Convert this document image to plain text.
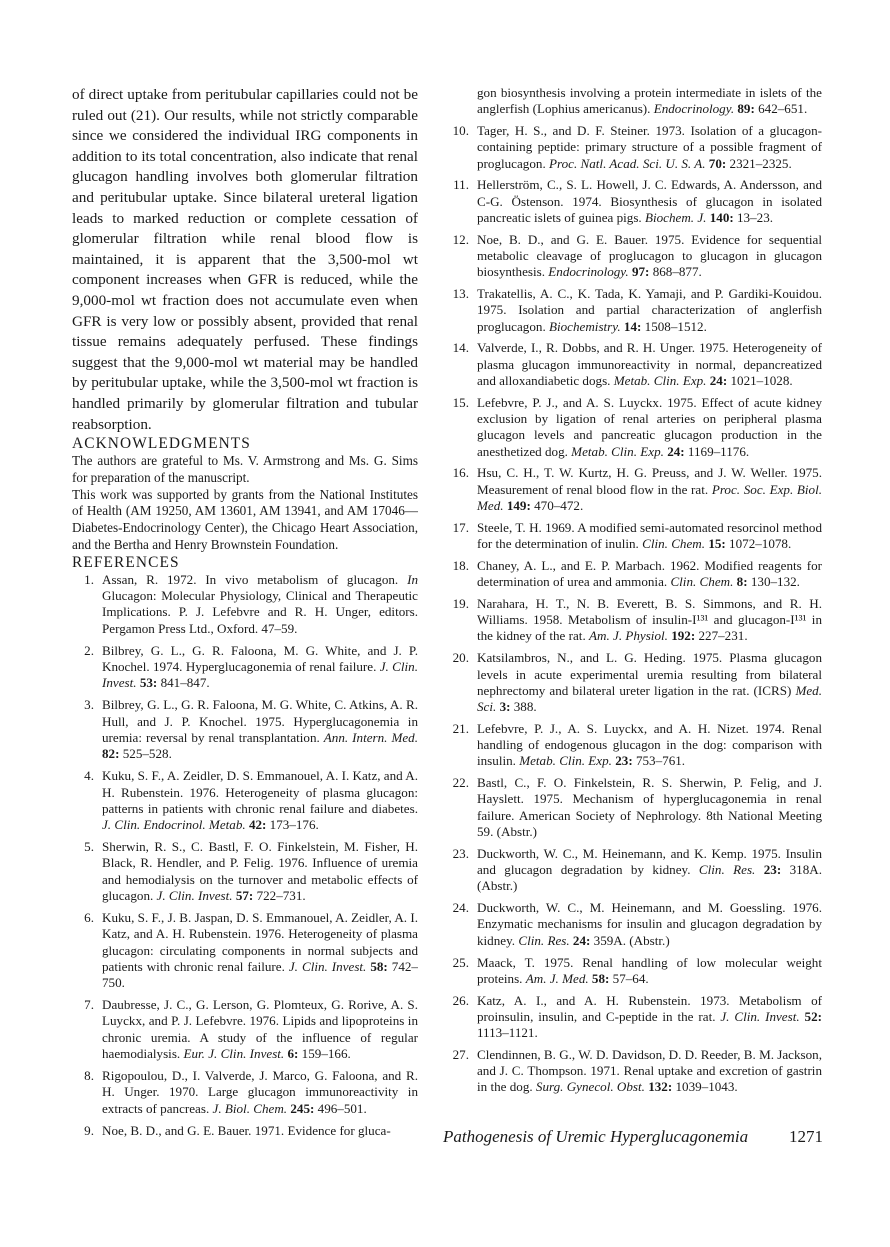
of direct uptake from peritubular capillaries could not be ruled out (21). Our results, while not strictly comparable since we considered the individual IRG components in addition to its total concentration, also indicate that renal glucagon handling involves both glomerular filtration and peritubular uptake. Since bilateral ureteral ligation leads to marked reduction or complete cessation of glomerular filtration while renal blood flow is maintained, it is apparent that the 3,500-mol wt component increases when GFR is reduced, while the 9,000-mol wt fraction does not accumulate even when GFR is very low or possibly absent, provided that renal tissue remains adequately perfused. These findings suggest that the 9,000-mol wt material may be handled by peritubular uptake, while the 3,500-mol wt fraction is handled primarily by glomerular filtration and tubular reabsorption.

ACKNOWLEDGMENTS

The authors are grateful to Ms. V. Armstrong and Ms. G. Sims for preparation of the manuscript.

This work was supported by grants from the National Institutes of Health (AM 19250, AM 13601, AM 13941, and AM 17046—Diabetes-Endocrinology Center), the Chicago Heart Association, and the Bertha and Henry Brownstein Foundation.

REFERENCES
1. Assan, R. 1972. In vivo metabolism of glucagon. In Glucagon: Molecular Physiology, Clinical and Therapeutic Implications. P. J. Lefebvre and R. H. Unger, editors. Pergamon Press Ltd., Oxford. 47–59.
2. Bilbrey, G. L., G. R. Faloona, M. G. White, and J. P. Knochel. 1974. Hyperglucagonemia of renal failure. J. Clin. Invest. 53: 841–847.
3. Bilbrey, G. L., G. R. Faloona, M. G. White, C. Atkins, A. R. Hull, and J. P. Knochel. 1975. Hyperglucagonemia in uremia: reversal by renal transplantation. Ann. Intern. Med. 82: 525–528.
4. Kuku, S. F., A. Zeidler, D. S. Emmanouel, A. I. Katz, and A. H. Rubenstein. 1976. Heterogeneity of plasma glucagon: patterns in patients with chronic renal failure and diabetes. J. Clin. Endocrinol. Metab. 42: 173–176.
5. Sherwin, R. S., C. Bastl, F. O. Finkelstein, M. Fisher, H. Black, R. Hendler, and P. Felig. 1976. Influence of uremia and hemodialysis on the turnover and metabolic effects of glucagon. J. Clin. Invest. 57: 722–731.
6. Kuku, S. F., J. B. Jaspan, D. S. Emmanouel, A. Zeidler, A. I. Katz, and A. H. Rubenstein. 1976. Heterogeneity of plasma glucagon: circulating components in normal subjects and patients with chronic renal failure. J. Clin. Invest. 58: 742–750.
7. Daubresse, J. C., G. Lerson, G. Plomteux, G. Rorive, A. S. Luyckx, and P. J. Lefebvre. 1976. Lipids and lipoproteins in chronic uremia. A study of the influence of regular haemodialysis. Eur. J. Clin. Invest. 6: 159–166.
8. Rigopoulou, D., I. Valverde, J. Marco, G. Faloona, and R. H. Unger. 1970. Large glucagon immunoreactivity in extracts of pancreas. J. Biol. Chem. 245: 496–501.
9. Noe, B. D., and G. E. Bauer. 1971. Evidence for gluca-
gon biosynthesis involving a protein intermediate in islets of the anglerfish (Lophius americanus). Endocrinology. 89: 642–651.
10. Tager, H. S., and D. F. Steiner. 1973. Isolation of a glucagon-containing peptide: primary structure of a possible fragment of proglucagon. Proc. Natl. Acad. Sci. U. S. A. 70: 2321–2325.
11. Hellerström, C., S. L. Howell, J. C. Edwards, A. Andersson, and C-G. Östenson. 1974. Biosynthesis of glucagon in isolated pancreatic islets of guinea pigs. Biochem. J. 140: 13–23.
12. Noe, B. D., and G. E. Bauer. 1975. Evidence for sequential metabolic cleavage of proglucagon to glucagon in glucagon biosynthesis. Endocrinology. 97: 868–877.
13. Trakatellis, A. C., K. Tada, K. Yamaji, and P. Gardiki-Kouidou. 1975. Isolation and partial characterization of anglerfish proglucagon. Biochemistry. 14: 1508–1512.
14. Valverde, I., R. Dobbs, and R. H. Unger. 1975. Heterogeneity of plasma glucagon immunoreactivity in normal, depancreatized and alloxandiabetic dogs. Metab. Clin. Exp. 24: 1021–1028.
15. Lefebvre, P. J., and A. S. Luyckx. 1975. Effect of acute kidney exclusion by ligation of renal arteries on peripheral plasma glucagon levels and pancreatic glucagon production in the anesthetized dog. Metab. Clin. Exp. 24: 1169–1176.
16. Hsu, C. H., T. W. Kurtz, H. G. Preuss, and J. W. Weller. 1975. Measurement of renal blood flow in the rat. Proc. Soc. Exp. Biol. Med. 149: 470–472.
17. Steele, T. H. 1969. A modified semi-automated resorcinol method for the determination of inulin. Clin. Chem. 15: 1072–1078.
18. Chaney, A. L., and E. P. Marbach. 1962. Modified reagents for determination of urea and ammonia. Clin. Chem. 8: 130–132.
19. Narahara, H. T., N. B. Everett, B. S. Simmons, and R. H. Williams. 1958. Metabolism of insulin-I¹³¹ and glucagon-I¹³¹ in the kidney of the rat. Am. J. Physiol. 192: 227–231.
20. Katsilambros, N., and L. G. Heding. 1975. Plasma glucagon levels in acute experimental uremia resulting from bilateral nephrectomy and bilateral ureter ligation in the rat. (ICRS) Med. Sci. 3: 388.
21. Lefebvre, P. J., A. S. Luyckx, and A. H. Nizet. 1974. Renal handling of endogenous glucagon in the dog: comparison with insulin. Metab. Clin. Exp. 23: 753–761.
22. Bastl, C., F. O. Finkelstein, R. S. Sherwin, P. Felig, and J. Hayslett. 1975. Mechanism of hyperglucagonemia in renal failure. American Society of Nephrology. 8th National Meeting 59. (Abstr.)
23. Duckworth, W. C., M. Heinemann, and K. Kemp. 1975. Insulin and glucagon degradation by kidney. Clin. Res. 23: 318A. (Abstr.)
24. Duckworth, W. C., M. Heinemann, and M. Goessling. 1976. Enzymatic mechanisms for insulin and glucagon degradation by kidney. Clin. Res. 24: 359A. (Abstr.)
25. Maack, T. 1975. Renal handling of low molecular weight proteins. Am. J. Med. 58: 57–64.
26. Katz, A. I., and A. H. Rubenstein. 1973. Metabolism of proinsulin, insulin, and C-peptide in the rat. J. Clin. Invest. 52: 1113–1121.
27. Clendinnen, B. G., W. D. Davidson, D. D. Reeder, B. M. Jackson, and J. C. Thompson. 1971. Renal uptake and excretion of gastrin in the dog. Surg. Gynecol. Obst. 132: 1039–1043.
Pathogenesis of Uremic Hyperglucagonemia 1271
